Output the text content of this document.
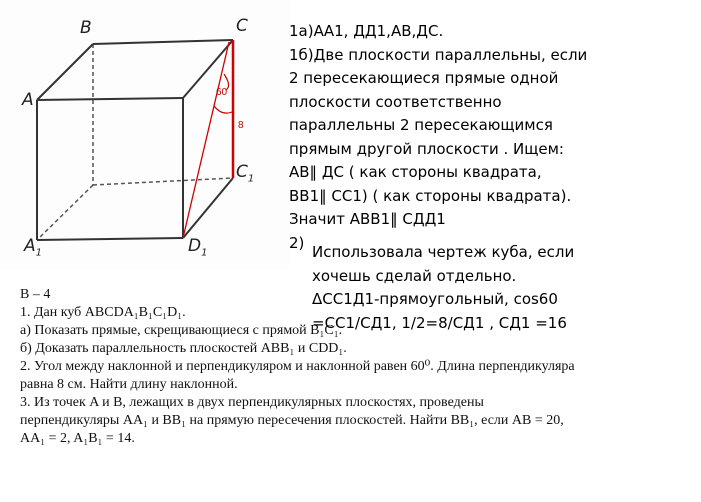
B	C
A
$C_1$
$A_1$	$D_1$
60
8
1а)АА1, ДД1,АВ,ДС.
1б)Две плоскости параллельны, если
2 пересекающиеся прямые одной
плоскости соответственно
параллельны 2 пересекающимся
прямым другой плоскости . Ищем:
АВ‖ ДС ( как стороны квадрата,
ВВ1‖ СС1) ( как стороны квадрата).
Значит АВВ1‖ СДД1
2)
Использовала чертеж куба, если
хочешь сделай отдельно.
ΔСС1Д1-прямоугольный, cos60
=СС1/СД1, 1/2=8/СД1 , СД1 =16
В – 4
1. Дан куб ABCDA₁B₁C₁D₁.
а) Показать прямые, скрещивающиеся с прямой B₁C₁.
б) Доказать параллельность плоскостей ABB₁ и CDD₁.
2. Угол между наклонной и перпендикуляром и наклонной равен 60⁰. Длина перпендикуляра
равна 8 см. Найти длину наклонной.
3. Из точек A и B, лежащих в двух перпендикулярных плоскостях, проведены
перпендикуляры AA₁ и BB₁ на прямую пересечения плоскостей. Найти BB₁, если AB = 20,
AA₁ = 2, A₁B₁ = 14.
